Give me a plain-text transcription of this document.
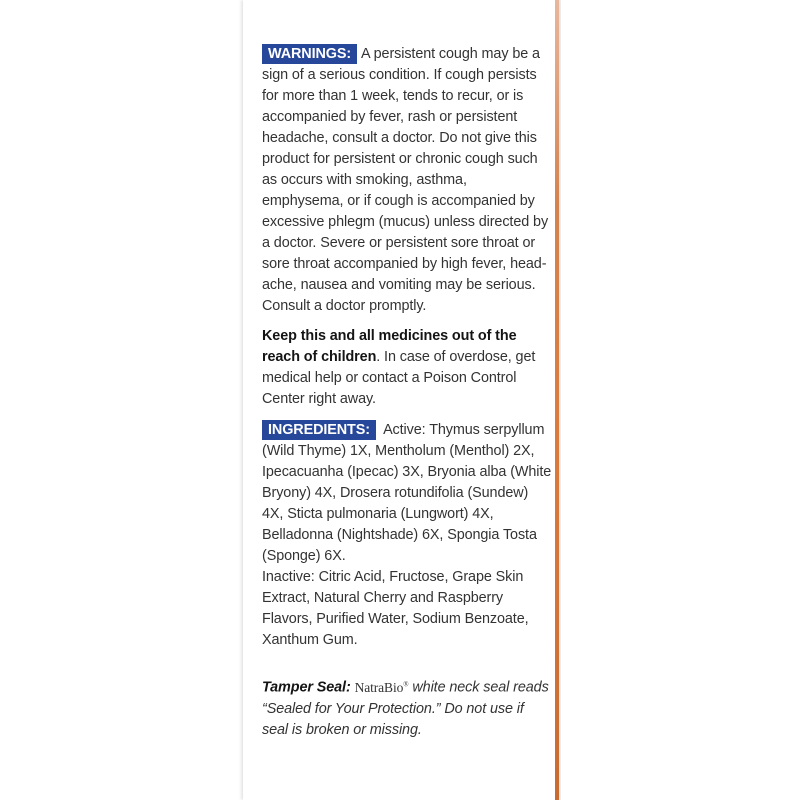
WARNINGS: A persistent cough may be a sign of a serious condition. If cough persists for more than 1 week, tends to recur, or is accompanied by fever, rash or persistent headache, consult a doctor. Do not give this product for persistent or chronic cough such as occurs with smoking, asthma, emphysema, or if cough is accompanied by excessive phlegm (mucus) unless directed by a doctor. Severe or persistent sore throat or sore throat accompanied by high fever, head-ache, nausea and vomiting may be serious. Consult a doctor promptly.

Keep this and all medicines out of the reach of children. In case of overdose, get medical help or contact a Poison Control Center right away.

INGREDIENTS: Active: Thymus serpyllum (Wild Thyme) 1X, Mentholum (Menthol) 2X, Ipecacuanha (Ipecac) 3X, Bryonia alba (White Bryony) 4X, Drosera rotundifolia (Sundew) 4X, Sticta pulmonaria (Lungwort) 4X, Belladonna (Nightshade) 6X, Spongia Tosta (Sponge) 6X.

Inactive: Citric Acid, Fructose, Grape Skin Extract, Natural Cherry and Raspberry Flavors, Purified Water, Sodium Benzoate, Xanthum Gum.

Tamper Seal: NatraBio® white neck seal reads “Sealed for Your Protection.” Do not use if seal is broken or missing.
